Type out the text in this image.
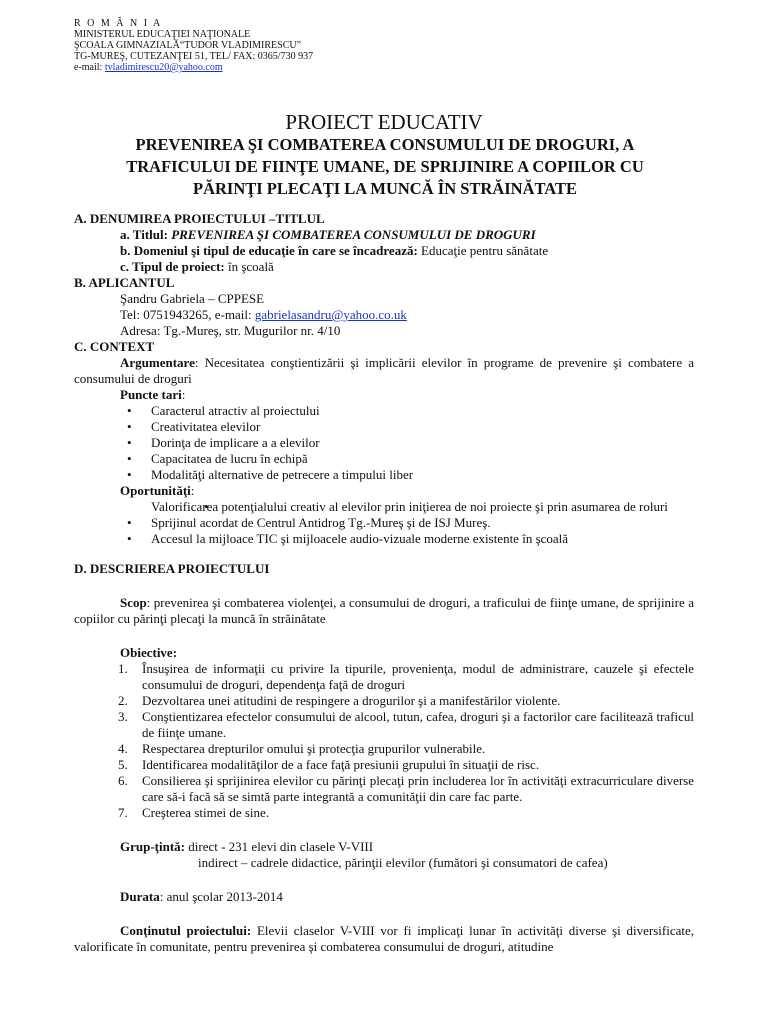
R O M Â N I A
MINISTERUL EDUCAŢIEI NAŢIONALE
ŞCOALA GIMNAZIALĂ“TUDOR VLADIMIRESCU”
TG-MUREŞ, CUTEZANŢEI 51, TEL/ FAX: 0365/730 937
e-mail: tvladimirescu20@yahoo.com
PROIECT EDUCATIV
PREVENIREA ŞI COMBATEREA CONSUMULUI DE DROGURI, A TRAFICULUI DE FIINŢE UMANE, DE SPRIJINIRE A COPIILOR CU PĂRINŢI PLECAŢI LA MUNCĂ ÎN STRĂINĂTATE
A. DENUMIREA PROIECTULUI –TITLUL
a. Titlul: PREVENIREA ŞI COMBATEREA CONSUMULUI DE DROGURI
b. Domeniul şi tipul de educaţie în care se încadrează: Educaţie pentru sănătate
c. Tipul de proiect: în şcoală
B. APLICANTUL
Şandru Gabriela – CPPESE
Tel: 0751943265, e-mail: gabrielasandru@yahoo.co.uk
Adresa: Tg.-Mureş, str. Mugurilor nr. 4/10
C. CONTEXT
Argumentare: Necesitatea conştientizării şi implicării elevilor în programe de prevenire şi combatere a consumului de droguri
Puncte tari:
• Caracterul atractiv al proiectului
• Creativitatea elevilor
• Dorinţa de implicare a a elevilor
• Capacitatea de lucru în echipă
• Modalităţi alternative de petrecere a timpului liber
Oportunităţi:
• Valorificarea potenţialului creativ al elevilor prin iniţierea de noi proiecte şi prin asumarea de roluri
• Sprijinul acordat de Centrul Antidrog Tg.-Mureş şi de ISJ Mureş.
• Accesul la mijloace TIC şi mijloacele audio-vizuale moderne existente în şcoală
D. DESCRIEREA PROIECTULUI
Scop: prevenirea şi combaterea violenţei, a consumului de droguri, a traficului de fiinţe umane, de sprijinire a copiilor cu părinţi plecaţi la muncă în străinătate
Obiective:
1. Însuşirea de informaţii cu privire la tipurile, provenienţa, modul de administrare, cauzele şi efectele consumului de droguri, dependenţa faţă de droguri
2. Dezvoltarea unei atitudini de respingere a drogurilor şi a manifestărilor violente.
3. Conştientizarea efectelor consumului de alcool, tutun, cafea, droguri şi a factorilor care facilitează traficul de fiinţe umane.
4. Respectarea drepturilor omului şi protecţia grupurilor vulnerabile.
5. Identificarea modalităţilor de a face faţă presiunii grupului în situaţii de risc.
6. Consilierea şi sprijinirea elevilor cu părinţi plecaţi prin includerea lor în activităţi extracurriculare diverse care să-i facă să se simtă parte integrantă a comunităţii din care fac parte.
7. Creşterea stimei de sine.
Grup-ţintă: direct - 231 elevi din clasele V-VIII
indirect – cadrele didactice, părinţii elevilor (fumători şi consumatori de cafea)
Durata: anul şcolar 2013-2014
Conţinutul proiectului: Elevii claselor V-VIII vor fi implicaţi lunar în activităţi diverse şi diversificate, valorificate în comunitate, pentru prevenirea şi combaterea consumului de droguri, atitudine
